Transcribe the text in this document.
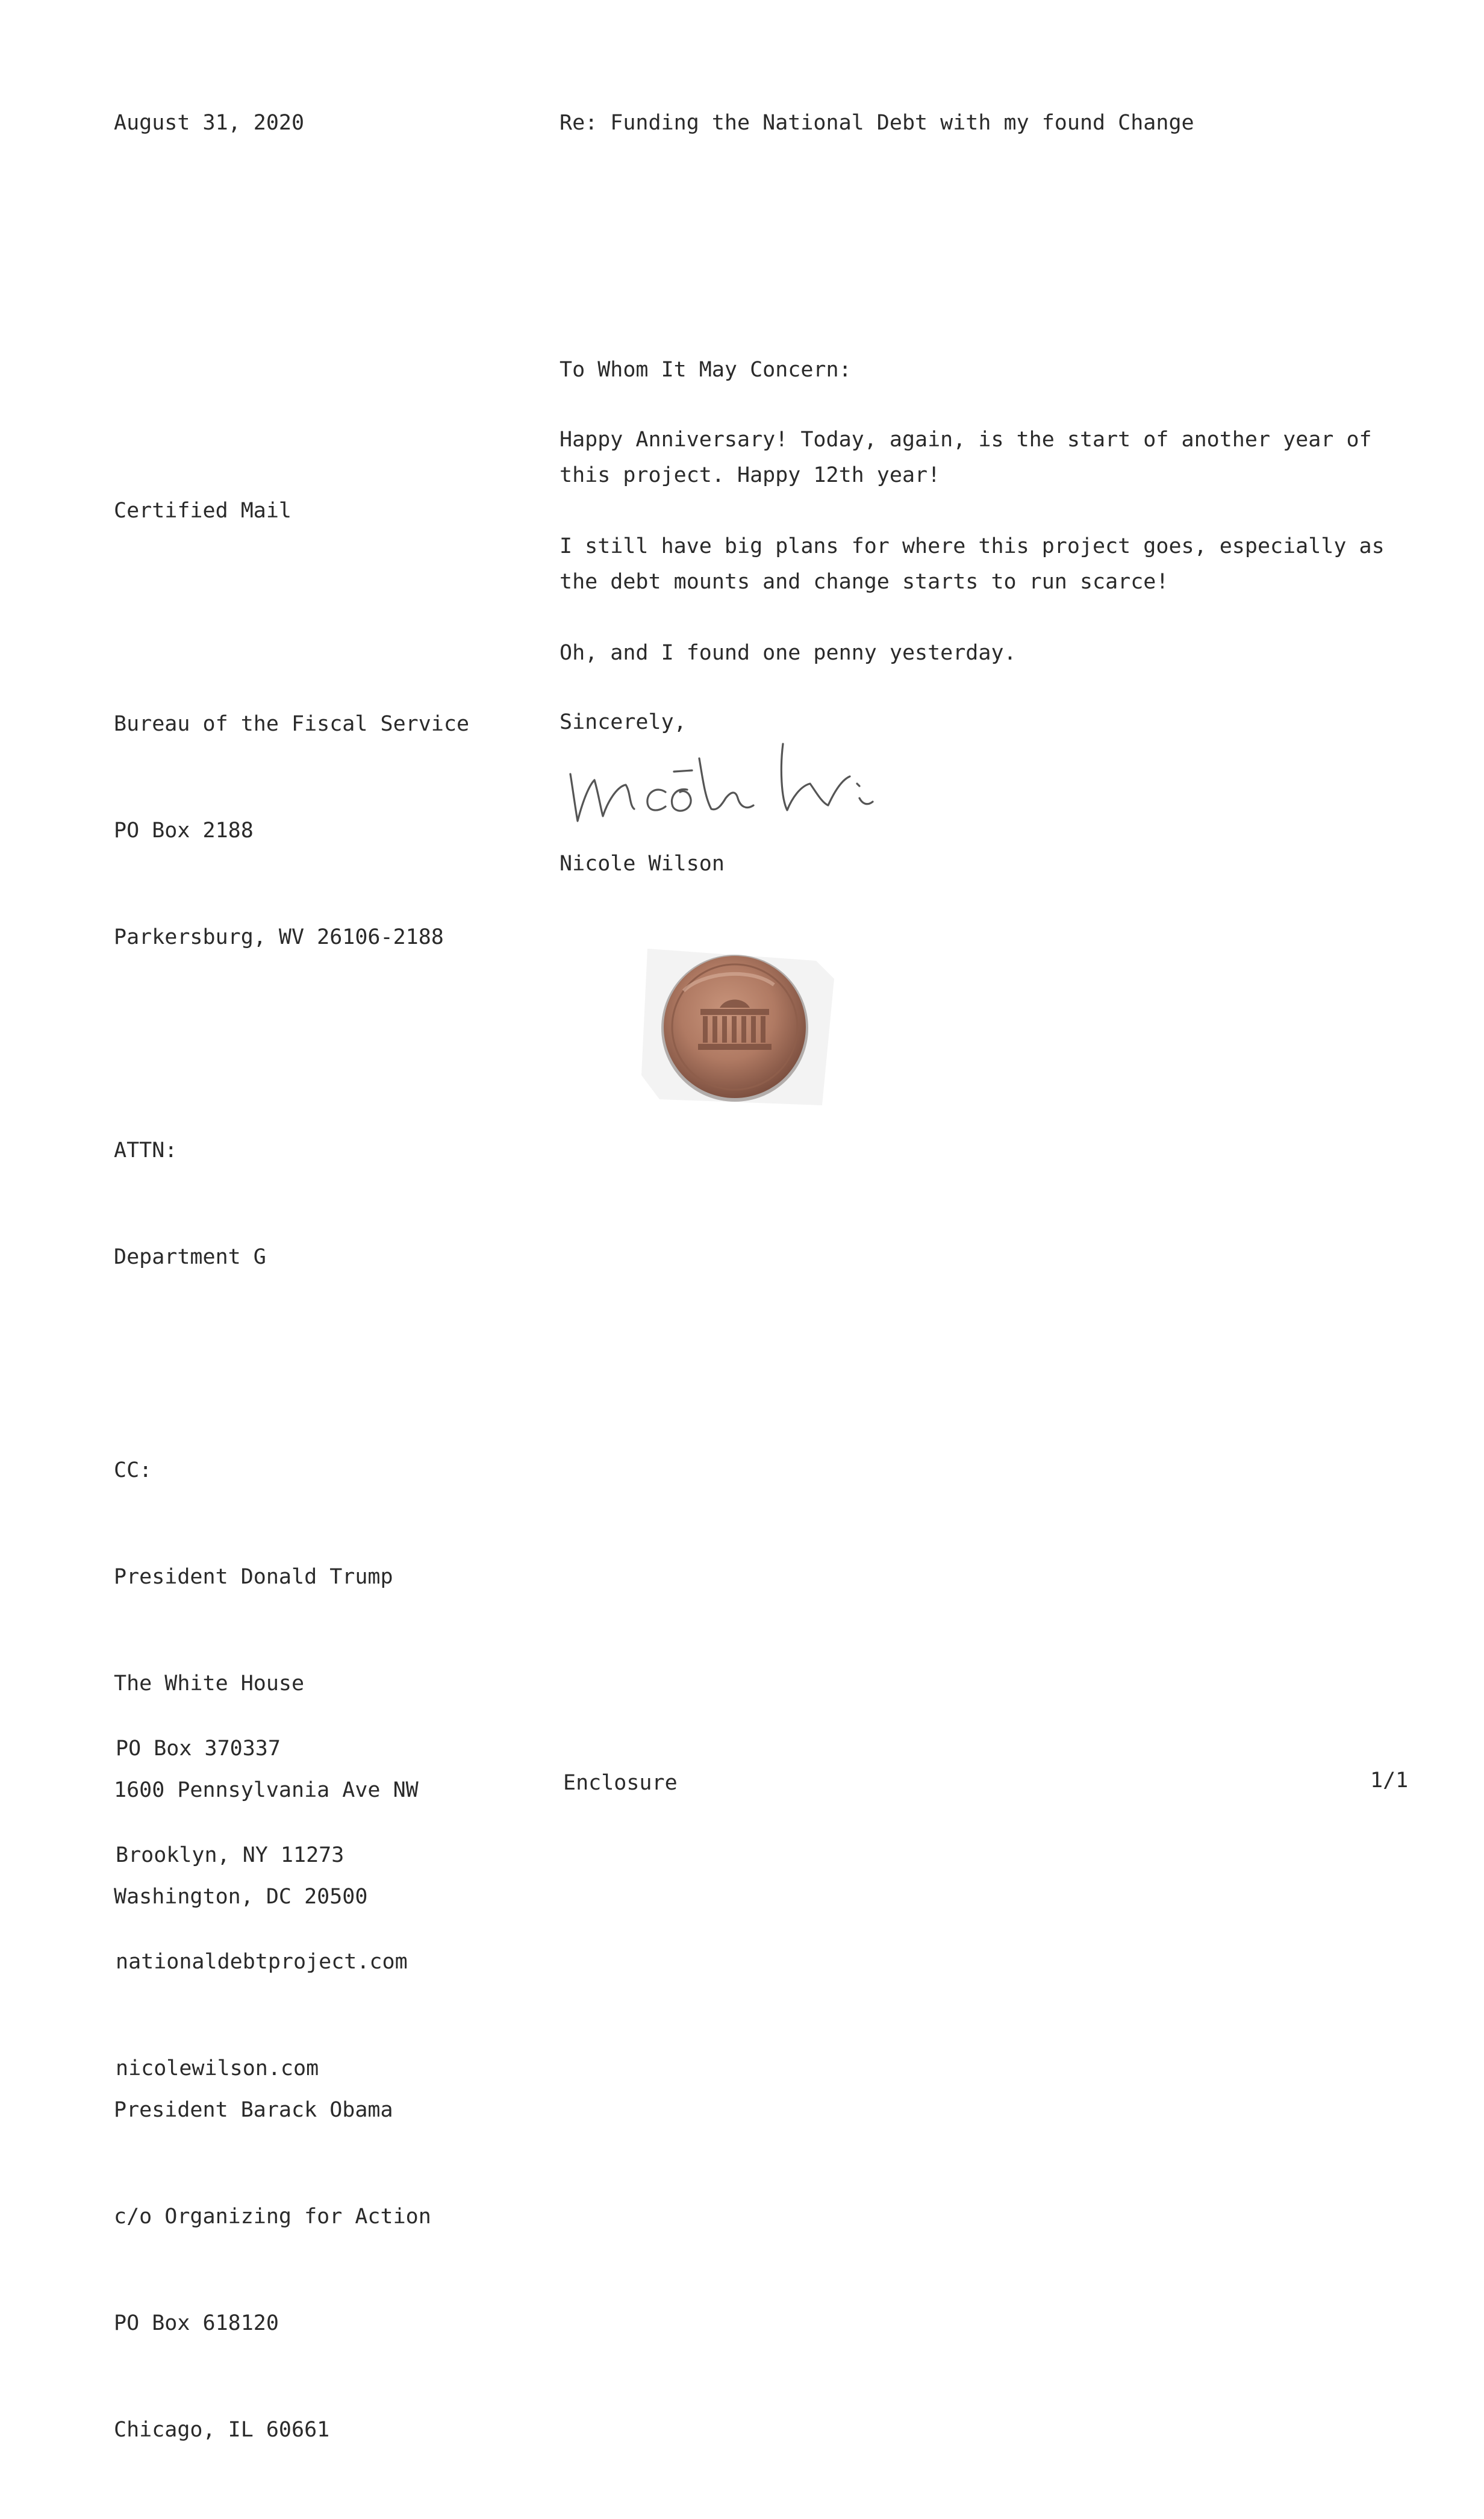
August 31, 2020	Re: Funding the National Debt with my found Change
To Whom It May Concern:

Certified Mail

Bureau of the Fiscal Service

PO Box 2188

Parkersburg, WV 26106-2188

ATTN:

Department G

CC:

President Donald Trump

The White House

1600 Pennsylvania Ave NW

Washington, DC 20500

President Barack Obama

c/o Organizing for Action

PO Box 618120

Chicago, IL 60661

Happy Anniversary! Today, again, is the start of another year of this project. Happy 12th year!

I still have big plans for where this project goes, especially as the debt mounts and change starts to run scarce!

Oh, and I found one penny yesterday.

Sincerely,
Nicole Wilson

PO Box 370337

Brooklyn, NY 11273

nationaldebtproject.com

nicolewilson.com

Enclosure	1/1
